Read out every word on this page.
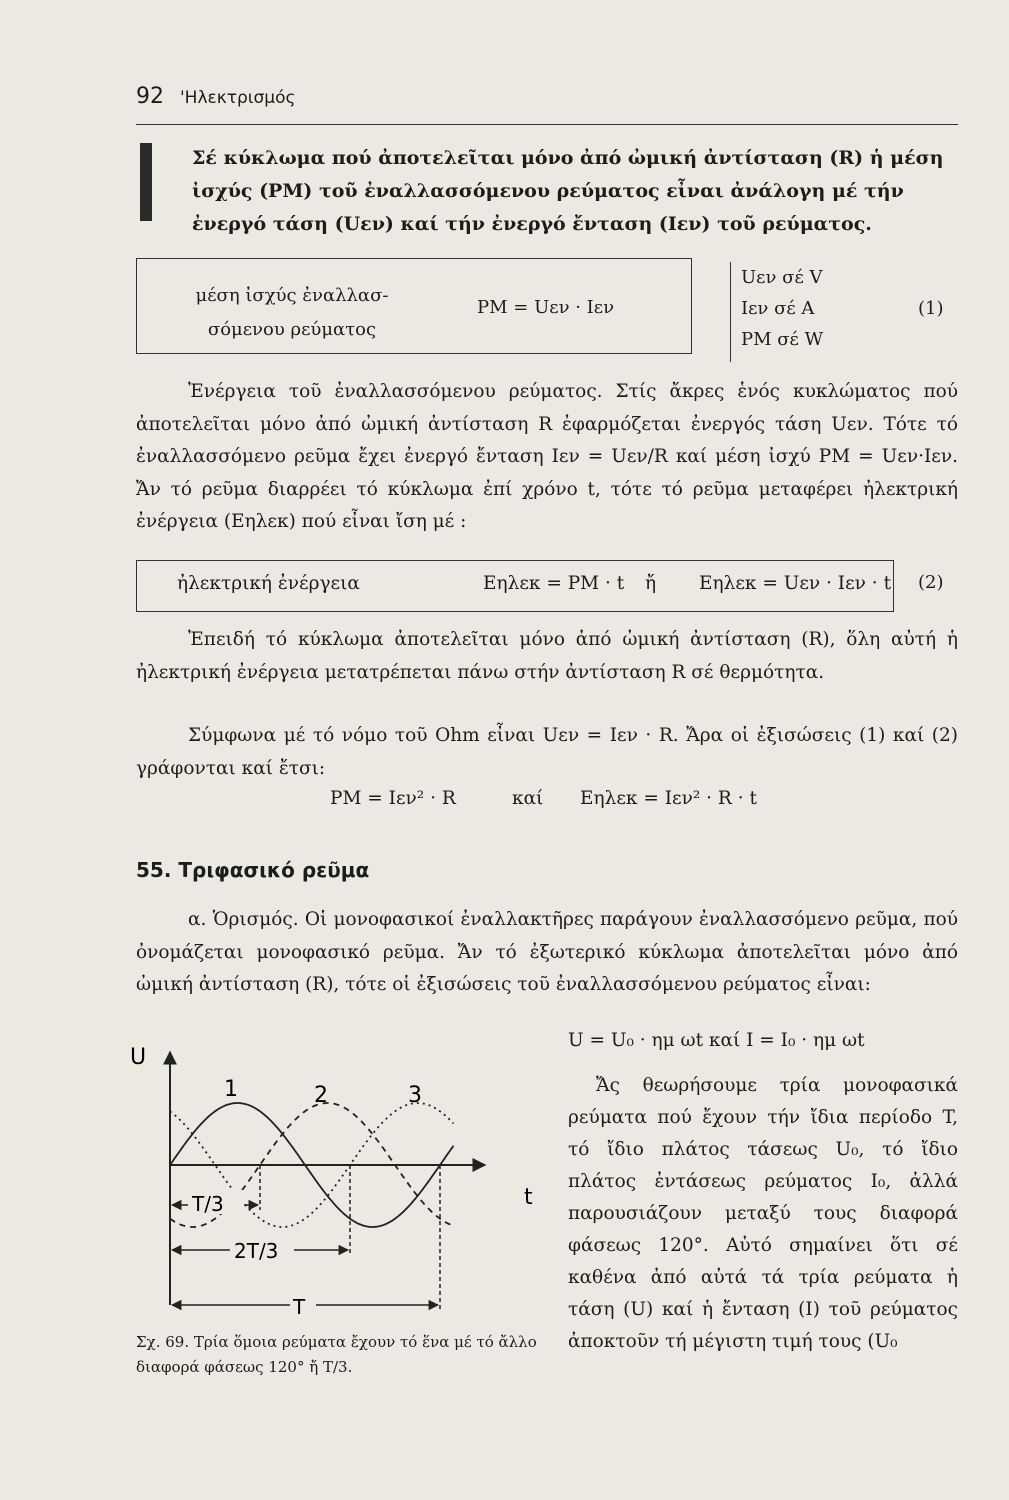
92 'Ηλεκτρισμός

Σέ κύκλωμα πού ἀποτελεῖται μόνο ἀπό ὠμική ἀντίσταση (R) ἡ μέση ἰσχύς (PM) τοῦ ἐναλλασσόμενου ρεύματος εἶναι ἀνάλογη μέ τήν ἐνεργό τάση (Uεν) καί τήν ἐνεργό ἔνταση (Iεν) τοῦ ρεύματος.

μέση ἰσχύς ἐναλλασ-
σόμενου ρεύματος
PM = Uεν · Iεν
Uεν σέ V
Iεν σέ A
PM σέ W
(1)

Ἐνέργεια τοῦ ἐναλλασσόμενου ρεύματος. Στίς ἄκρες ἑνός κυκλώματος πού ἀποτελεῖται μόνο ἀπό ὠμική ἀντίσταση R ἐφαρμόζεται ἐνεργός τάση Uεν. Τότε τό ἐναλλασσόμενο ρεῦμα ἔχει ἐνεργό ἔνταση Iεν = Uεν/R καί μέση ἰσχύ PM = Uεν·Iεν. Ἄν τό ρεῦμα διαρρέει τό κύκλωμα ἐπί χρόνο t, τότε τό ρεῦμα μεταφέρει ἠλεκτρική ἐνέργεια (Eηλεκ) πού εἶναι ἴση μέ :

ἠλεκτρική ἐνέργεια	Eηλεκ = PM · t ἤ Eηλεκ = Uεν · Iεν · t (2)

Ἐπειδή τό κύκλωμα ἀποτελεῖται μόνο ἀπό ὠμική ἀντίσταση (R), ὅλη αὐτή ἡ ἠλεκτρική ἐνέργεια μετατρέπεται πάνω στήν ἀντίσταση R σέ θερμότητα.

Σύμφωνα μέ τό νόμο τοῦ Ohm εἶναι Uεν = Iεν · R. Ἄρα οἱ ἐξισώσεις (1) καί (2) γράφονται καί ἔτσι:

PM = Iεν² · R	καί Eηλεκ = Iεν² · R · t
55. Τριφασικό ρεῦμα

α. Ὁρισμός. Οἱ μονοφασικοί ἐναλλακτῆρες παράγουν ἐναλλασσόμενο ρεῦμα, πού ὀνομάζεται μονοφασικό ρεῦμα. Ἄν τό ἐξωτερικό κύκλωμα ἀποτελεῖται μόνο ἀπό ὠμική ἀντίσταση (R), τότε οἱ ἐξισώσεις τοῦ ἐναλλασσόμενου ρεύματος εἶναι:

U = U₀ · ημ ωt καί I = I₀ · ημ ωt

Ἄς θεωρήσουμε τρία μονοφασικά ρεύματα πού ἔχουν τήν ἴδια περίοδο T, τό ἴδιο πλάτος τάσεως U₀, τό ἴδιο πλάτος ἐντάσεως ρεύματος I₀, ἀλλά παρουσιάζουν μεταξύ τους διαφορά φάσεως 120°. Αὐτό σημαίνει ὅτι σέ καθένα ἀπό αὐτά τά τρία ρεύματα ἡ τάση (U) καί ἡ ἔνταση (I) τοῦ ρεύματος ἀποκτοῦν τή μέγιστη τιμή τους (U₀

U
t
1	2	3
T/3
2T/3
T

Σχ. 69. Τρία ὅμοια ρεύματα ἔχουν τό ἕνα μέ τό ἄλλο διαφορά φάσεως 120° ἤ T/3.
